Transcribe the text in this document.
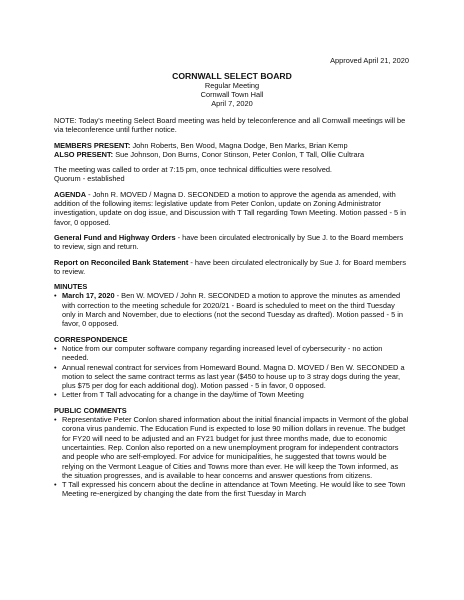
Approved April 21, 2020
CORNWALL SELECT BOARD
Regular Meeting
Cornwall Town Hall
April 7, 2020

NOTE: Today's meeting Select Board meeting was held by teleconference and all Cornwall meetings will be via teleconference until further notice.

MEMBERS PRESENT: John Roberts, Ben Wood, Magna Dodge, Ben Marks, Brian Kemp
ALSO PRESENT: Sue Johnson, Don Burns, Conor Stinson, Peter Conlon, T Tall, Ollie Cultrara

The meeting was called to order at 7:15 pm, once technical difficulties were resolved.
Quorum - established

AGENDA - John R. MOVED / Magna D. SECONDED a motion to approve the agenda as amended, with addition of the following items: legislative update from Peter Conlon, update on Zoning Administrator investigation, update on dog issue, and Discussion with T Tall regarding Town Meeting. Motion passed - 5 in favor, 0 opposed.

General Fund and Highway Orders - have been circulated electronically by Sue J. to the Board members to review, sign and return.

Report on Reconciled Bank Statement - have been circulated electronically by Sue J. for Board members to review.

MINUTES
• March 17, 2020 - Ben W. MOVED / John R. SECONDED a motion to approve the minutes as amended with correction to the meeting schedule for 2020/21 - Board is scheduled to meet on the third Tuesday only in March and November, due to elections (not the second Tuesday as drafted). Motion passed - 5 in favor, 0 opposed.
CORRESPONDENCE
• Notice from our computer software company regarding increased level of cybersecurity - no action needed.
• Annual renewal contract for services from Homeward Bound. Magna D. MOVED / Ben W. SECONDED a motion to select the same contract terms as last year ($450 to house up to 3 stray dogs during the year, plus $75 per dog for each additional dog). Motion passed - 5 in favor, 0 opposed.
• Letter from T Tall advocating for a change in the day/time of Town Meeting
PUBLIC COMMENTS
• Representative Peter Conlon shared information about the initial financial impacts in Vermont of the global corona virus pandemic. The Education Fund is expected to lose 90 million dollars in revenue. The budget for FY20 will need to be adjusted and an FY21 budget for just three months made, due to economic uncertainties. Rep. Conlon also reported on a new unemployment program for independent contractors and people who are self-employed. For advice for municipalities, he suggested that towns would be relying on the Vermont League of Cities and Towns more than ever. He will keep the Town informed, as the situation progresses, and is available to hear concerns and answer questions from citizens.
• T Tall expressed his concern about the decline in attendance at Town Meeting. He would like to see Town Meeting re-energized by changing the date from the first Tuesday in March
